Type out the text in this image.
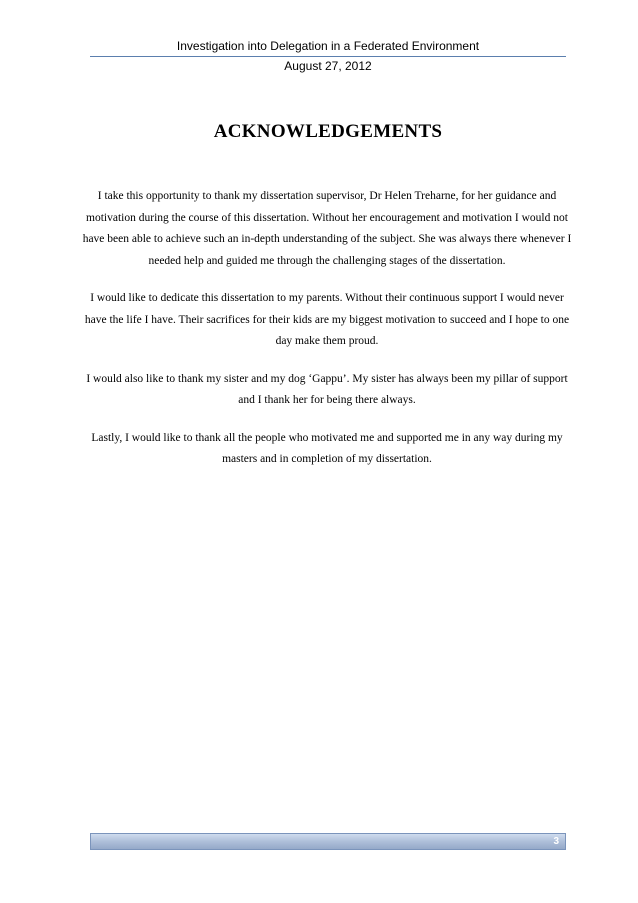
Investigation into Delegation in a Federated Environment
August 27, 2012
ACKNOWLEDGEMENTS

I take this opportunity to thank my dissertation supervisor, Dr Helen Treharne, for her guidance and motivation during the course of this dissertation. Without her encouragement and motivation I would not have been able to achieve such an in-depth understanding of the subject. She was always there whenever I needed help and guided me through the challenging stages of the dissertation.

I would like to dedicate this dissertation to my parents. Without their continuous support I would never have the life I have. Their sacrifices for their kids are my biggest motivation to succeed and I hope to one day make them proud.

I would also like to thank my sister and my dog ‘Gappu’. My sister has always been my pillar of support and I thank her for being there always.

Lastly, I would like to thank all the people who motivated me and supported me in any way during my masters and in completion of my dissertation.

3
